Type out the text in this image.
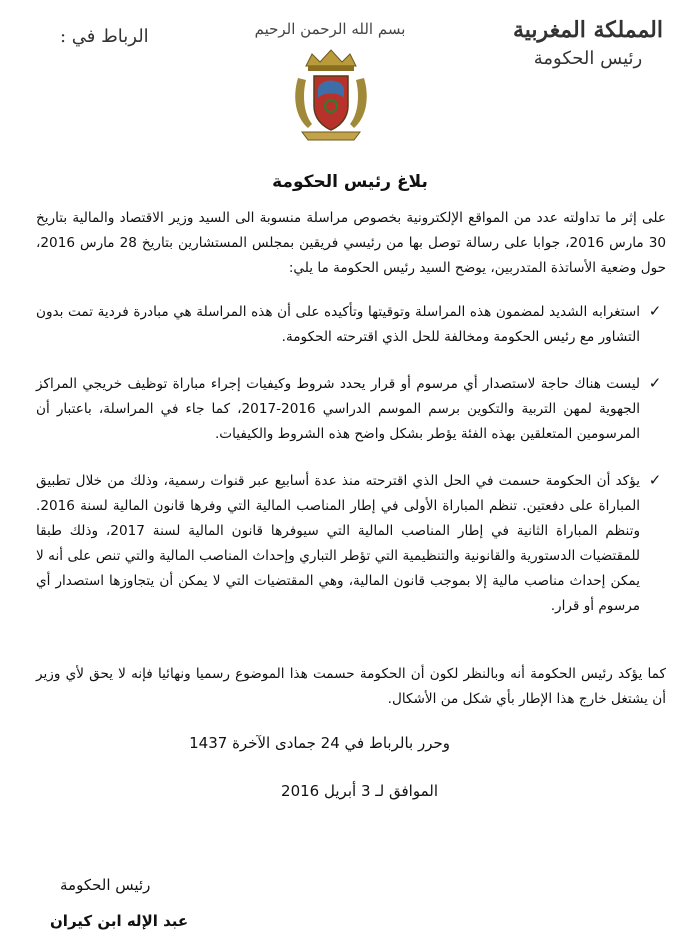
الرباط في :	بسم الله الرحمن الرحيم	المملكة المغربية
رئيس الحكومة
بلاغ رئيس الحكومة
على إثر ما تداولته عدد من المواقع الإلكترونية بخصوص مراسلة منسوبة الى السيد وزير الاقتصاد والمالية بتاريخ 30 مارس 2016، جوابا على رسالة توصل بها من رئيسي فريقين بمجلس المستشارين بتاريخ 28 مارس 2016، حول وضعية الأساتذة المتدربين، يوضح السيد رئيس الحكومة ما يلي:
✓
استغرابه الشديد لمضمون هذه المراسلة وتوقيتها وتأكيده على أن هذه المراسلة هي مبادرة فردية تمت بدون التشاور مع رئيس الحكومة ومخالفة للحل الذي اقترحته الحكومة.
✓
ليست هناك حاجة لاستصدار أي مرسوم أو قرار يحدد شروط وكيفيات إجراء مباراة توظيف خريجي المراكز الجهوية لمهن التربية والتكوين برسم الموسم الدراسي 2016-2017، كما جاء في المراسلة، باعتبار أن المرسومين المتعلقين بهذه الفئة يؤطر بشكل واضح هذه الشروط والكيفيات.
✓
يؤكد أن الحكومة حسمت في الحل الذي اقترحته منذ عدة أسابيع عبر قنوات رسمية، وذلك من خلال تطبيق المباراة على دفعتين. تنظم المباراة الأولى في إطار المناصب المالية التي وفرها قانون المالية لسنة 2016. وتنظم المباراة الثانية في إطار المناصب المالية التي سيوفرها قانون المالية لسنة 2017، وذلك طبقا للمقتضيات الدستورية والقانونية والتنظيمية التي تؤطر التباري وإحداث المناصب المالية والتي تنص على أنه لا يمكن إحداث مناصب مالية إلا بموجب قانون المالية، وهي المقتضيات التي لا يمكن أن يتجاوزها استصدار أي مرسوم أو قرار.
كما يؤكد رئيس الحكومة أنه وبالنظر لكون أن الحكومة حسمت هذا الموضوع رسميا ونهائيا فإنه لا يحق لأي وزير أن يشتغل خارج هذا الإطار بأي شكل من الأشكال.
وحرر بالرباط في 24 جمادى الآخرة 1437
الموافق لـ 3 أبريل 2016
رئيس الحكومة
عبد الإله ابن كيران
